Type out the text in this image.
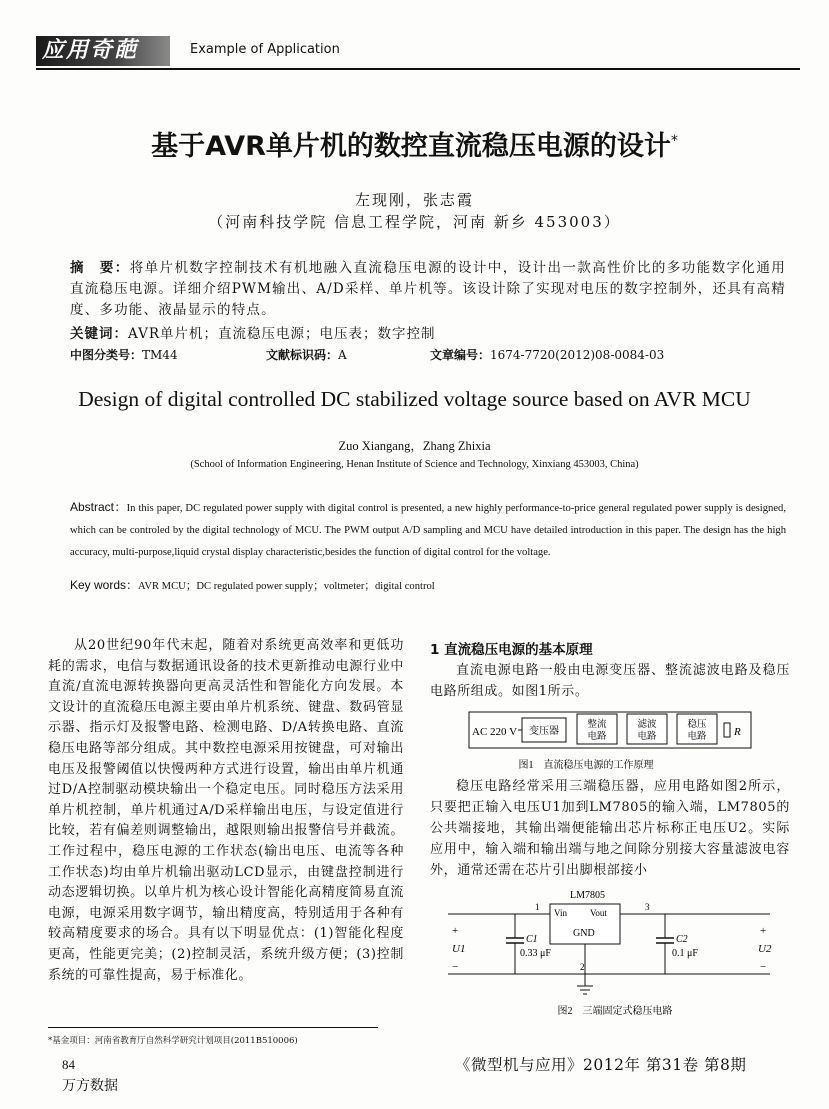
应用奇葩	Example of Application
基于AVR单片机的数控直流稳压电源的设计*
左现刚，张志霞
（河南科技学院 信息工程学院，河南 新乡 453003）
摘　要：将单片机数字控制技术有机地融入直流稳压电源的设计中，设计出一款高性价比的多功能数字化通用直流稳压电源。详细介绍PWM输出、A/D采样、单片机等。该设计除了实现对电压的数字控制外，还具有高精度、多功能、液晶显示的特点。
关键词：AVR单片机；直流稳压电源；电压表；数字控制
中图分类号：TM44	文献标识码：A	文章编号：1674-7720(2012)08-0084-03
Design of digital controlled DC stabilized voltage source based on AVR MCU
Zuo Xiangang，Zhang Zhixia
(School of Information Engineering, Henan Institute of Science and Technology, Xinxiang 453003, China)
Abstract：In this paper, DC regulated power supply with digital control is presented, a new highly performance-to-price general regulated power supply is designed, which can be controled by the digital technology of MCU. The PWM output A/D sampling and MCU have detailed introduction in this paper. The design has the high accuracy, multi-purpose,liquid crystal display characteristic,besides the function of digital control for the voltage.
Key words：AVR MCU；DC regulated power supply；voltmeter；digital control

从20世纪90年代末起，随着对系统更高效率和更低功耗的需求，电信与数据通讯设备的技术更新推动电源行业中直流/直流电源转换器向更高灵活性和智能化方向发展。本文设计的直流稳压电源主要由单片机系统、键盘、数码管显示器、指示灯及报警电路、检测电路、D/A转换电路、直流稳压电路等部分组成。其中数控电源采用按键盘，可对输出电压及报警阈值以快慢两种方式进行设置，输出由单片机通过D/A控制驱动模块输出一个稳定电压。同时稳压方法采用单片机控制，单片机通过A/D采样输出电压，与设定值进行比较，若有偏差则调整输出，越限则输出报警信号并截流。工作过程中，稳压电源的工作状态(输出电压、电流等各种工作状态)均由单片机输出驱动LCD显示，由键盘控制进行动态逻辑切换。以单片机为核心设计智能化高精度简易直流电源，电源采用数字调节，输出精度高，特别适用于各种有较高精度要求的场合。具有以下明显优点：(1)智能化程度更高，性能更完美；(2)控制灵活，系统升级方便；(3)控制系统的可靠性提高，易于标准化。

1 直流稳压电源的基本原理

直流电源电路一般由电源变压器、整流滤波电路及稳压电路所组成。如图1所示。

AC 220 V 变压器
整流
电路
滤波
电路
稳压
电路 R
图1　直流稳压电源的工作原理

稳压电路经常采用三端稳压器，应用电路如图2所示，只要把正输入电压U1加到LM7805的输入端，LM7805的公共端接地，其输出端便能输出芯片标称正电压U2。实际应用中，输入端和输出端与地之间除分别接大容量滤波电容外，通常还需在芯片引出脚根部接小

LM7805
Vin	Vout
GND
1	3
2
C1
0.33 μF
C2
0.1 μF
+
U1
−
+
U2
−
图2　三端固定式稳压电路
*基金项目：河南省教育厅自然科学研究计划项目(2011B510006)
84
万方数据
《微型机与应用》2012年 第31卷 第8期
